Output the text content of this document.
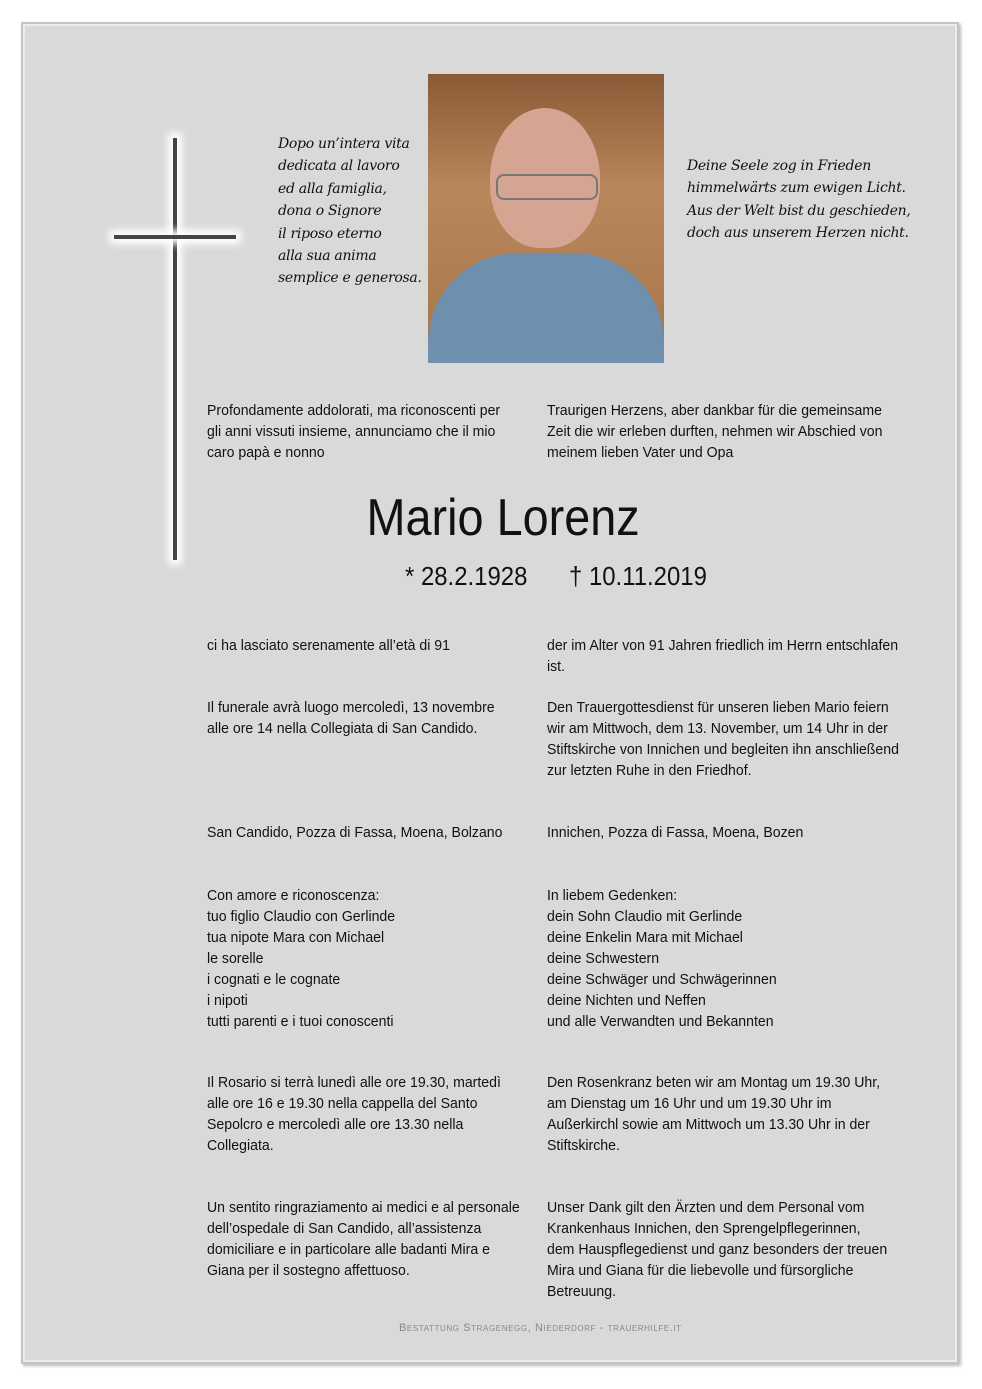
Dopo un’intera vita
dedicata al lavoro
ed alla famiglia,
dona o Signore
il riposo eterno
alla sua anima
semplice e generosa.
Deine Seele zog in Frieden
himmelwärts zum ewigen Licht.
Aus der Welt bist du geschieden,
doch aus unserem Herzen nicht.
Mario Lorenz
* 28.2.1928 † 10.11.2019
Profondamente addolorati, ma riconoscenti per
gli anni vissuti insieme, annunciamo che il mio
caro papà e nonno
ci ha lasciato serenamente all’età di 91
Il funerale avrà luogo mercoledì, 13 novembre
alle ore 14 nella Collegiata di San Candido.
San Candido, Pozza di Fassa, Moena, Bolzano
Con amore e riconoscenza:
tuo figlio Claudio con Gerlinde
tua nipote Mara con Michael
le sorelle
i cognati e le cognate
i nipoti
tutti parenti e i tuoi conoscenti
Il Rosario si terrà lunedì alle ore 19.30, martedì
alle ore 16 e 19.30 nella cappella del Santo
Sepolcro e mercoledì alle ore 13.30 nella
Collegiata.
Un sentito ringraziamento ai medici e al personale
dell’ospedale di San Candido, all’assistenza
domiciliare e in particolare alle badanti Mira e
Giana per il sostegno affettuoso.
Traurigen Herzens, aber dankbar für die gemeinsame
Zeit die wir erleben durften, nehmen wir Abschied von
meinem lieben Vater und Opa
der im Alter von 91 Jahren friedlich im Herrn entschlafen
ist.
Den Trauergottesdienst für unseren lieben Mario feiern
wir am Mittwoch, dem 13. November, um 14 Uhr in der
Stiftskirche von Innichen und begleiten ihn anschließend
zur letzten Ruhe in den Friedhof.
Innichen, Pozza di Fassa, Moena, Bozen
In liebem Gedenken:
dein Sohn Claudio mit Gerlinde
deine Enkelin Mara mit Michael
deine Schwestern
deine Schwäger und Schwägerinnen
deine Nichten und Neffen
und alle Verwandten und Bekannten
Den Rosenkranz beten wir am Montag um 19.30 Uhr,
am Dienstag um 16 Uhr und um 19.30 Uhr im
Außerkirchl sowie am Mittwoch um 13.30 Uhr in der
Stiftskirche.
Unser Dank gilt den Ärzten und dem Personal vom
Krankenhaus Innichen, den Sprengelpflegerinnen,
dem Hauspflegedienst und ganz besonders der treuen
Mira und Giana für die liebevolle und fürsorgliche
Betreuung.
Bestattung Stragenegg, Niederdorf - trauerhilfe.it
